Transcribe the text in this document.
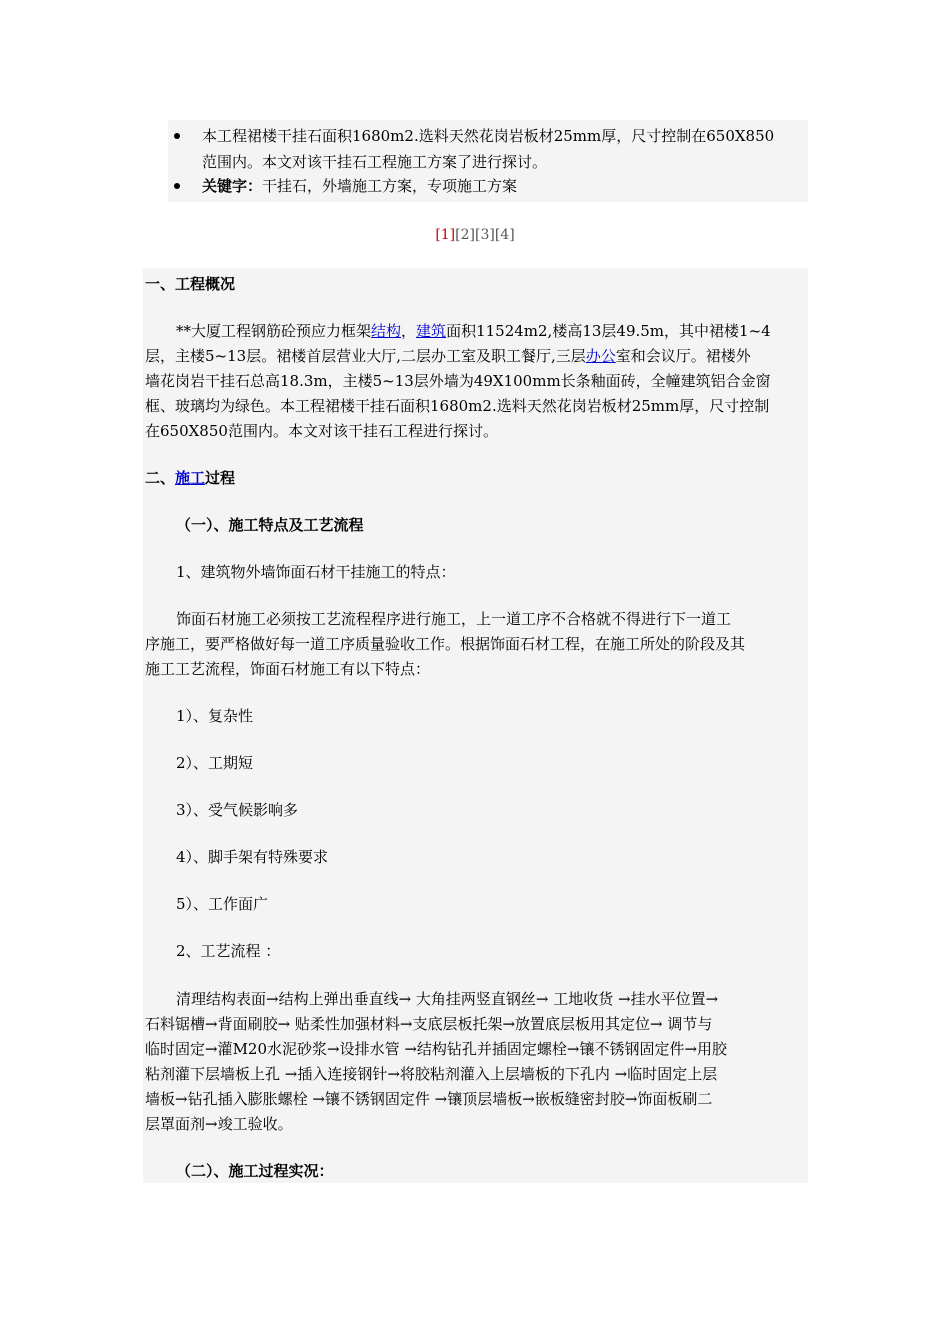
本工程裙楼干挂石面积1680m2.选料天然花岗岩板材25mm厚，尺寸控制在650X850
范围内。本文对该干挂石工程施工方案了进行探讨。
关键字：干挂石，外墙施工方案，专项施工方案
[1][2][3][4]
一、工程概况
**大厦工程钢筋砼预应力框架结构，建筑面积11524m2,楼高13层49.5m，其中裙楼1~4
层，主楼5~13层。裙楼首层营业大厅,二层办工室及职工餐厅,三层办公室和会议厅。裙楼外
墙花岗岩干挂石总高18.3m，主楼5~13层外墙为49X100mm长条釉面砖，全幢建筑铝合金窗
框、玻璃均为绿色。本工程裙楼干挂石面积1680m2.选料天然花岗岩板材25mm厚，尺寸控制
在650X850范围内。本文对该干挂石工程进行探讨。
二、施工过程
（一）、施工特点及工艺流程
1、建筑物外墙饰面石材干挂施工的特点：
饰面石材施工必须按工艺流程程序进行施工，上一道工序不合格就不得进行下一道工
序施工，要严格做好每一道工序质量验收工作。根据饰面石材工程，在施工所处的阶段及其
施工工艺流程，饰面石材施工有以下特点：
1）、复杂性
2）、工期短
3）、受气候影响多
4）、脚手架有特殊要求
5）、工作面广
2、工艺流程 ：
清理结构表面→结构上弹出垂直线→ 大角挂两竖直钢丝→ 工地收货 →挂水平位置→
石料锯槽→背面刷胶→ 贴柔性加强材料→支底层板托架→放置底层板用其定位→ 调节与
临时固定→灌M20水泥砂浆→设排水管 →结构钻孔并插固定螺栓→镶不锈钢固定件→用胶
粘剂灌下层墙板上孔 →插入连接钢针→将胶粘剂灌入上层墙板的下孔内 →临时固定上层
墙板→钻孔插入膨胀螺栓 →镶不锈钢固定件 →镶顶层墙板→嵌板缝密封胶→饰面板刷二
层罩面剂→竣工验收。
（二）、施工过程实况：
